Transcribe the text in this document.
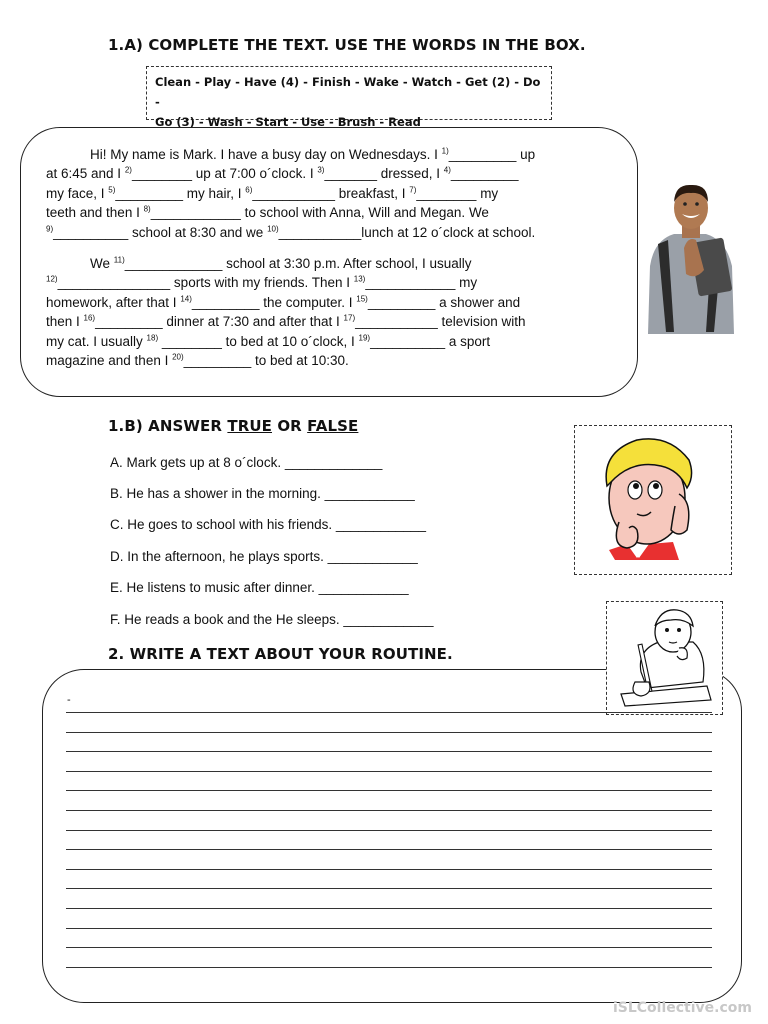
1.A) COMPLETE THE TEXT. USE THE WORDS IN THE BOX.
Clean - Play - Have (4) - Finish - Wake - Watch - Get (2) - Do -
Go (3) - Wash - Start - Use - Brush - Read
Hi! My name is Mark. I have a busy day on Wednesdays. I $^{1)}$_________ up
at 6:45 and I $^{2)}$________ up at 7:00 o´clock. I $^{3)}$_______ dressed, I $^{4)}$_________
my face, I $^{5)}$_________ my hair, I $^{6)}$___________ breakfast, I $^{7)}$________ my
teeth and then I $^{8)}$____________ to school with Anna, Will and Megan. We
$^{9)}$__________ school at 8:30 and we $^{10)}$___________lunch at 12 o´clock at school.
We $^{11)}$_____________ school at 3:30 p.m. After school, I usually
$^{12)}$_______________ sports with my friends. Then I $^{13)}$____________ my
homework, after that I $^{14)}$_________ the computer. I $^{15)}$_________ a shower and
then I $^{16)}$_________ dinner at 7:30 and after that I $^{17)}$___________ television with
my cat. I usually $^{18)}$ ________ to bed at 10 o´clock, I $^{19)}$__________ a sport
magazine and then I $^{20)}$_________ to bed at 10:30.
1.B) ANSWER TRUE OR FALSE
A. Mark gets up at 8 o´clock. _____________
B. He has a shower in the morning. ____________
C. He goes to school with his friends. ____________
D. In the afternoon, he plays sports. ____________
E. He listens to music after dinner. ____________
F. He reads a book and the He sleeps. ____________
2. WRITE A TEXT ABOUT YOUR ROUTINE.
-
iSLCollective.com
